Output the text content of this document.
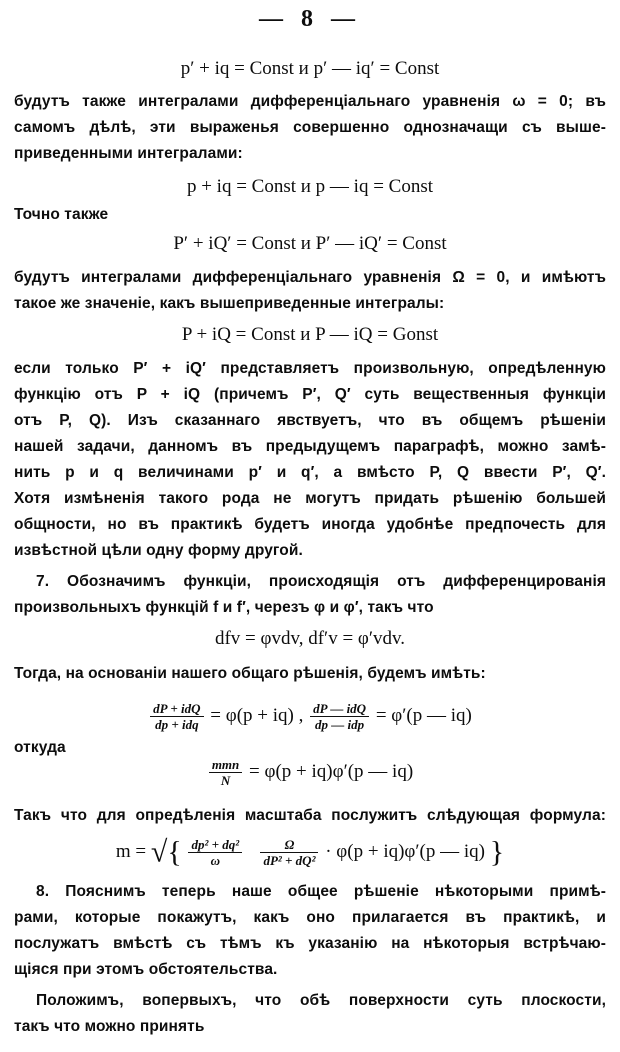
— 8 —
p′ + iq = Const и p′ — iq′ = Const
будутъ также интегралами дифференціальнаго уравненія ω = 0; въ
самомъ дѣлѣ, эти выраженья совершенно однозначащи съ выше-
приведенными интегралами:
p + iq = Const и p — iq = Const
Точно также
P′ + iQ′ = Const и P′ — iQ′ = Const
будутъ интегралами дифференціальнаго уравненія Ω = 0, и имѣютъ
такое же значеніе, какъ вышеприведенные интегралы:
P + iQ = Const и P — iQ = Gonst
если только P′ + iQ′ представляетъ произвольную, опредѣленную
функцію отъ P + iQ (причемъ P′, Q′ суть вещественныя функціи
отъ P, Q). Изъ сказаннаго явствуетъ, что въ общемъ рѣшеніи
нашей задачи, данномъ въ предыдущемъ параграфѣ, можно замѣ-
нить p и q величинами p′ и q′, а вмѣсто P, Q ввести P′, Q′.
Хотя измѣненія такого рода не могутъ придать рѣшенію большей
общности, но въ практикѣ будетъ иногда удобнѣе предпочесть для
извѣстной цѣли одну форму другой.
7. Обозначимъ функціи, происходящія отъ дифференцированія
произвольныхъ функцій f и f′, черезъ φ и φ′, такъ что
dfv = φvdv, df′v = φ′vdv.
Тогда, на основаніи нашего общаго рѣшенія, будемъ имѣть:
$\frac{\text{dP + idQ}}{\text{dp + idq}} = \varphi(p + iq)$ , $\frac{\text{dP — idQ}}{\text{dp — idp}} = \varphi'(p$ — iq)
откуда
$\frac{\text{mmn}}{N} = \varphi(p + iq)\varphi'(p$ — iq)
Такъ что для опредѣленія масштаба послужитъ слѣдующая формула:
m = √{ $\frac{\text{dp² + dq²}}{\omega}$
$\frac{\Omega}{\text{dP² + dQ²}} \cdot \varphi(p + iq)\varphi'(p$ — iq) }
8. Пояснимъ теперь наше общее рѣшеніе нѣкоторыми примѣ-
рами, которые покажутъ, какъ оно прилагается въ практикѣ, и
послужатъ вмѣстѣ съ тѣмъ къ указанію на нѣкоторыя встрѣчаю-
щіяся при этомъ обстоятельства.
Положимъ, вопервыхъ, что обѣ поверхности суть плоскости,
такъ что можно принять
